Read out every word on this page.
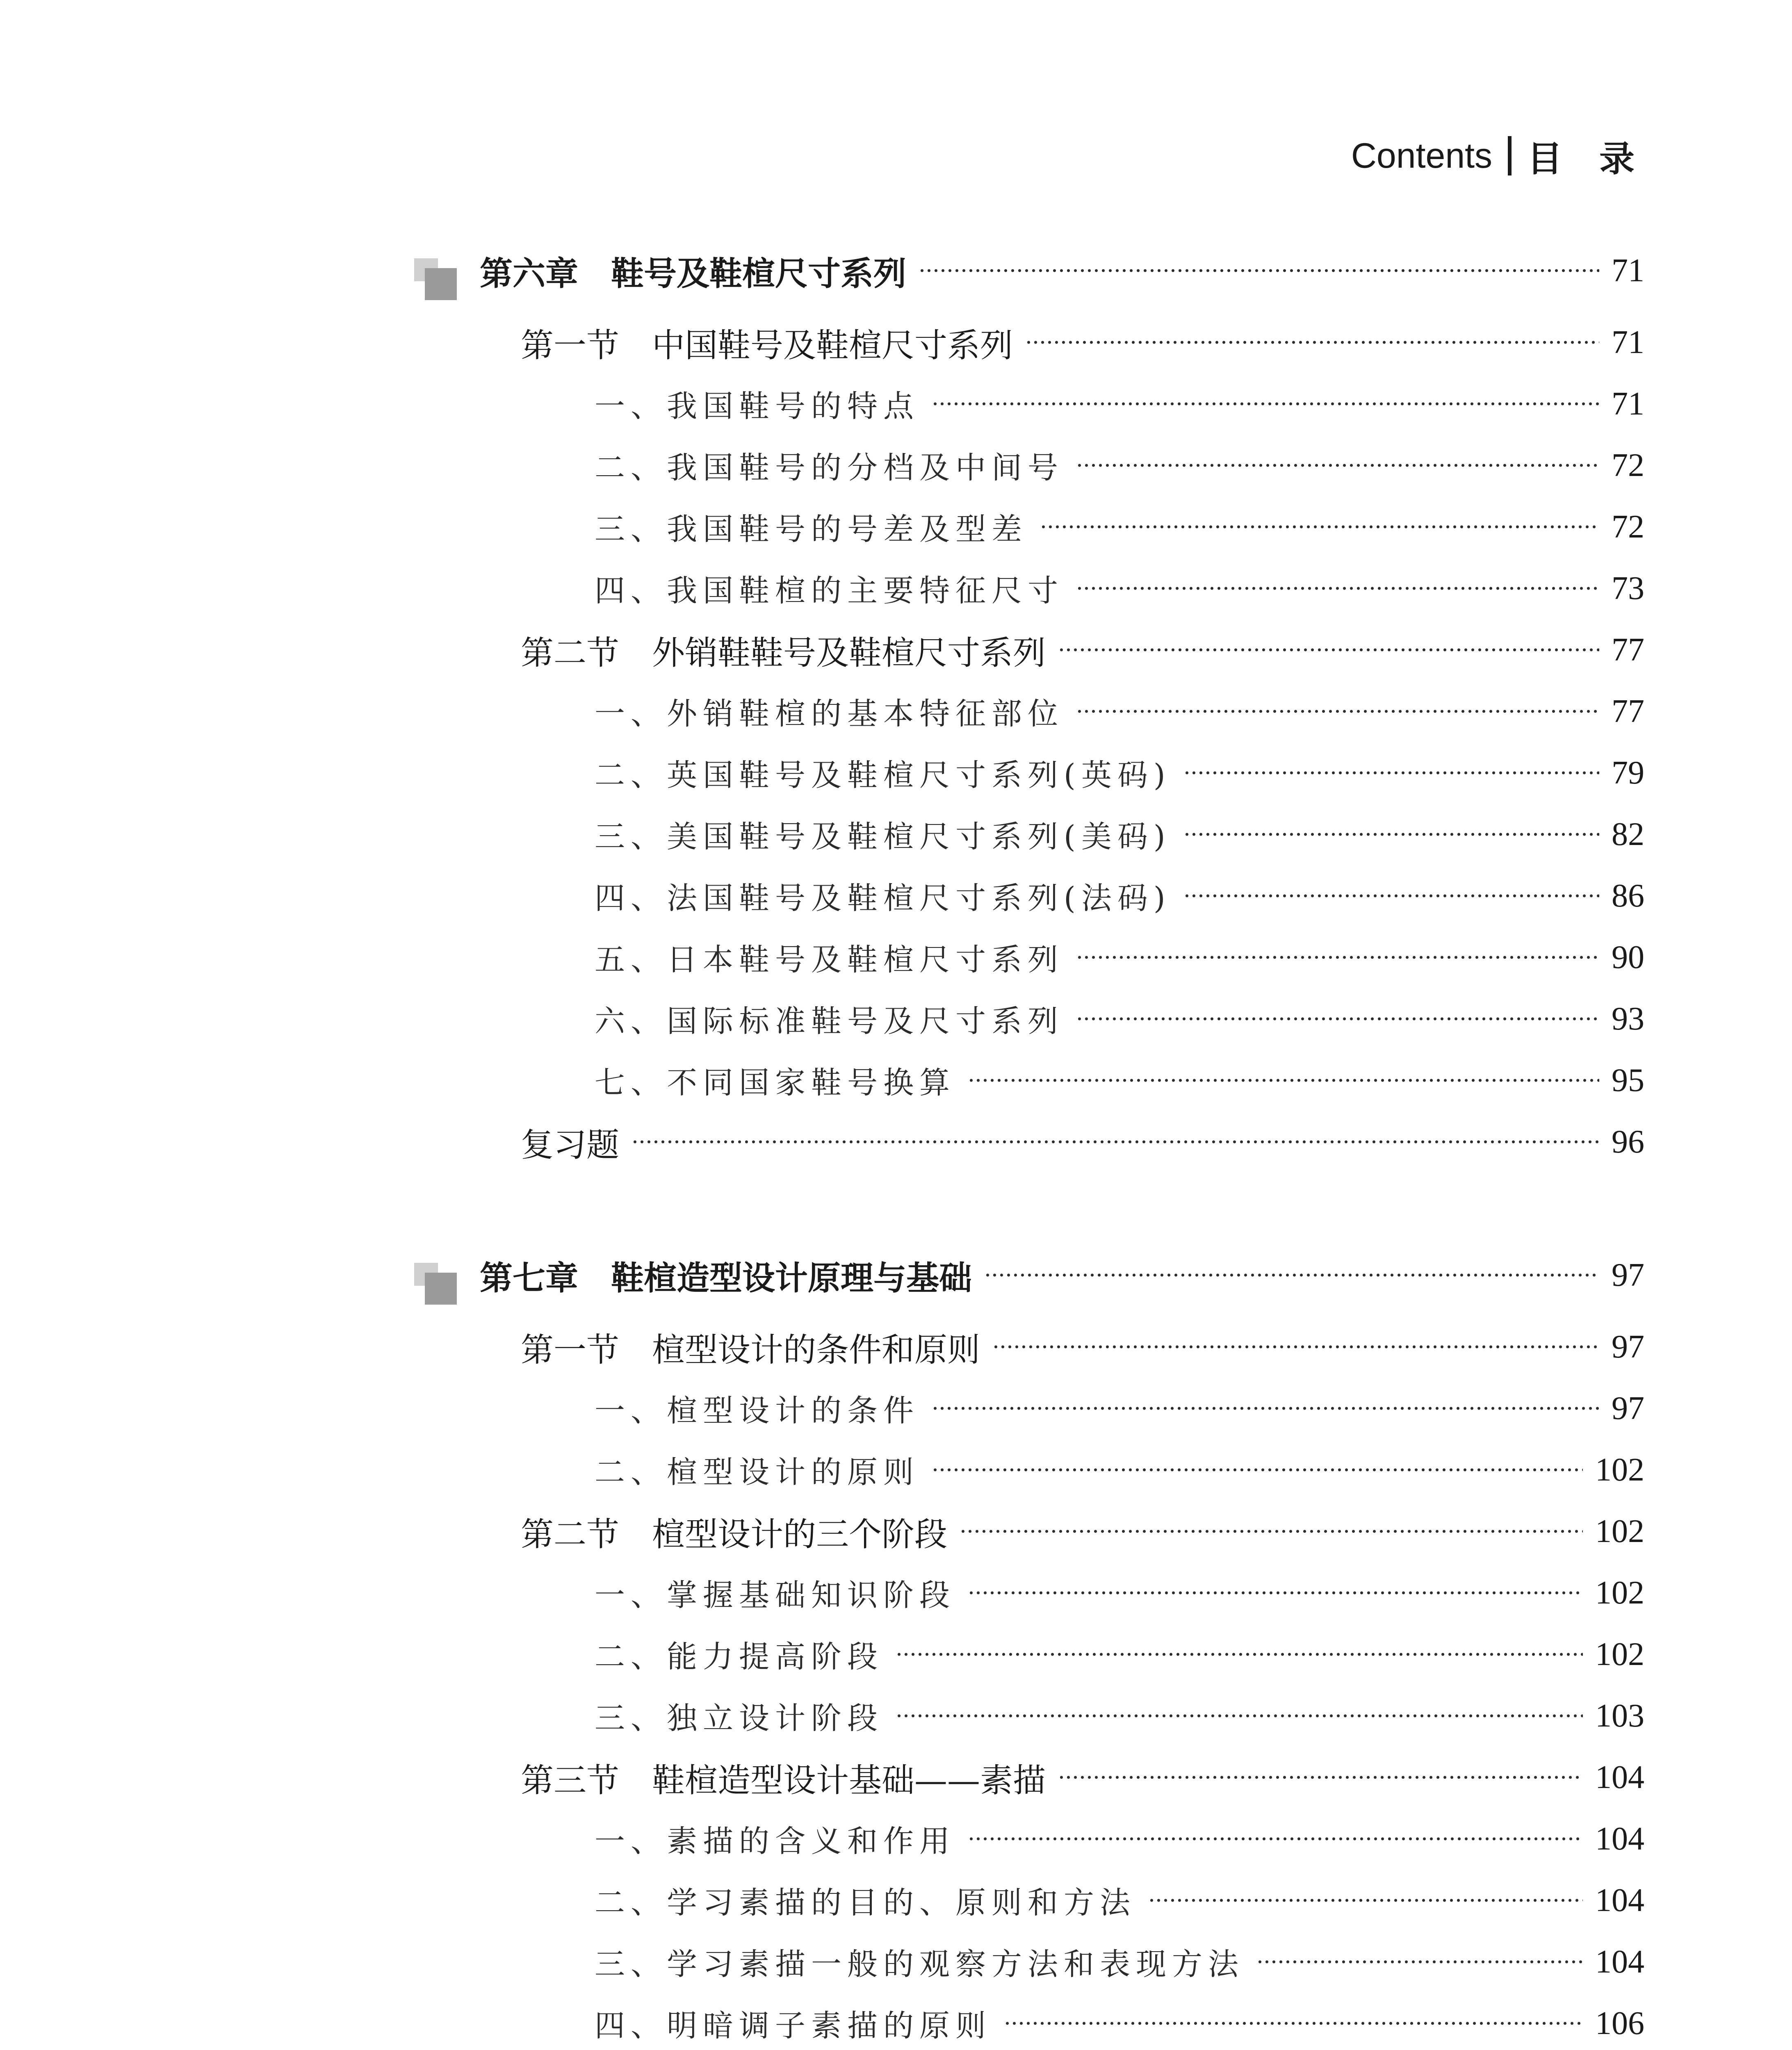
Contents 目 录
第六章　鞋号及鞋楦尺寸系列	71
第一节　中国鞋号及鞋楦尺寸系列	71
一、我国鞋号的特点	71
二、我国鞋号的分档及中间号	72
三、我国鞋号的号差及型差	72
四、我国鞋楦的主要特征尺寸	73
第二节　外销鞋鞋号及鞋楦尺寸系列	77
一、外销鞋楦的基本特征部位	77
二、英国鞋号及鞋楦尺寸系列(英码)	79
三、美国鞋号及鞋楦尺寸系列(美码)	82
四、法国鞋号及鞋楦尺寸系列(法码)	86
五、日本鞋号及鞋楦尺寸系列	90
六、国际标准鞋号及尺寸系列	93
七、不同国家鞋号换算	95
复习题	96
第七章　鞋楦造型设计原理与基础	97
第一节　楦型设计的条件和原则	97
一、楦型设计的条件	97
二、楦型设计的原则	102
第二节　楦型设计的三个阶段	102
一、掌握基础知识阶段	102
二、能力提高阶段	102
三、独立设计阶段	103
第三节　鞋楦造型设计基础——素描	104
一、素描的含义和作用	104
二、学习素描的目的、原则和方法	104
三、学习素描一般的观察方法和表现方法	104
四、明暗调子素描的原则	106
